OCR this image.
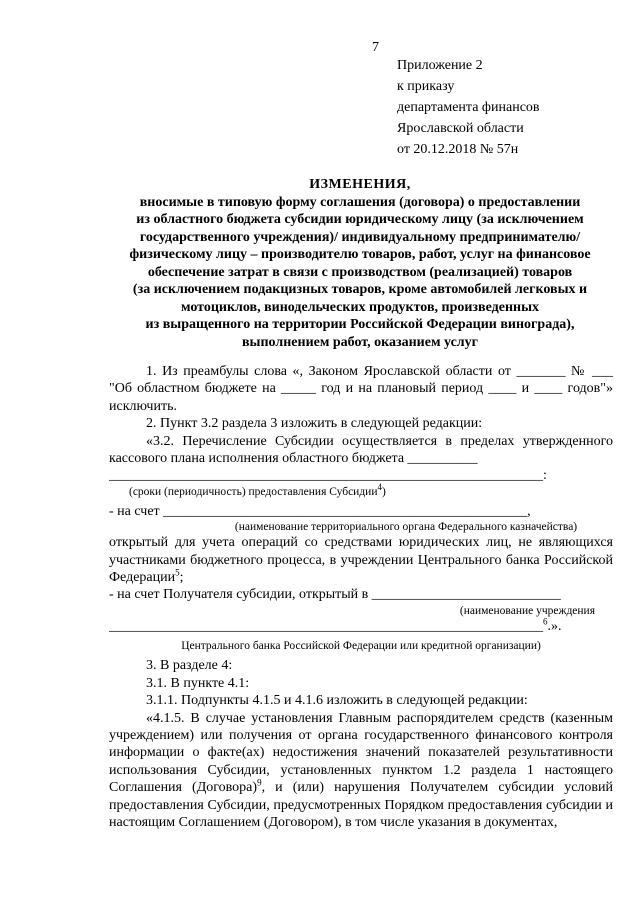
7
Приложение 2
к приказу
департамента финансов
Ярославской области
от 20.12.2018 № 57н
ИЗМЕНЕНИЯ,
вносимые в типовую форму соглашения (договора) о предоставлении
из областного бюджета субсидии юридическому лицу (за исключением
государственного учреждения)/ индивидуальному предпринимателю/
физическому лицу – производителю товаров, работ, услуг на финансовое
обеспечение затрат в связи с производством (реализацией) товаров
(за исключением подакцизных товаров, кроме автомобилей легковых и
мотоциклов, винодельческих продуктов, произведенных
из выращенного на территории Российской Федерации винограда),
выполнением работ, оказанием услуг

1. Из преамбулы слова «, Законом Ярославской области от _______ № ___ "Об областном бюджете на _____ год и на плановый период ____ и ____ годов"» исключить.

2. Пункт 3.2 раздела 3 изложить в следующей редакции:

«3.2. Перечисление Субсидии осуществляется в пределах утвержденного кассового плана исполнения областного бюджета __________

______________________________________________________________:
(сроки (периодичность) предоставления Субсидии$^4$)

- на счет ____________________________________________________,

(наименование территориального органа Федерального казначейства)

открытый для учета операций со средствами юридических лиц, не являющихся участниками бюджетного процесса, в учреждении Центрального банка Российской Федерации$^5$;

- на счет Получателя субсидии, открытый в ___________________________

(наименование учреждения
______________________________________________________________$^6$.».
Центрального банка Российской Федерации или кредитной организации)

3. В разделе 4:

3.1. В пункте 4.1:

3.1.1. Подпункты 4.1.5 и 4.1.6 изложить в следующей редакции:

«4.1.5. В случае установления Главным распорядителем средств (казенным учреждением) или получения от органа государственного финансового контроля информации о факте(ах) недостижения значений показателей результативности использования Субсидии, установленных пунктом 1.2 раздела 1 настоящего Соглашения (Договора)$^9$, и (или) нарушения Получателем субсидии условий предоставления Субсидии, предусмотренных Порядком предоставления субсидии и настоящим Соглашением (Договором), в том числе указания в документах,
